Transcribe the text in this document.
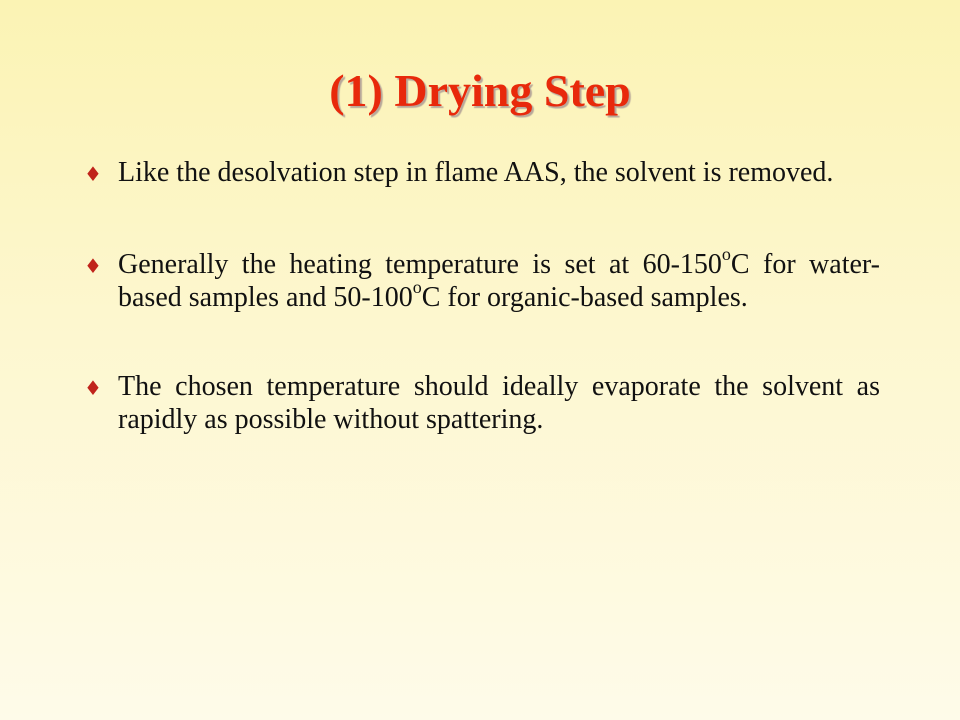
(1) Drying Step
♦ Like the desolvation step in flame AAS, the solvent is removed.
♦ Generally the heating temperature is set at 60-150$^o$C for water-based samples and 50-100$^o$C for organic-based samples.
♦ The chosen temperature should ideally evaporate the solvent as rapidly as possible without spattering.
